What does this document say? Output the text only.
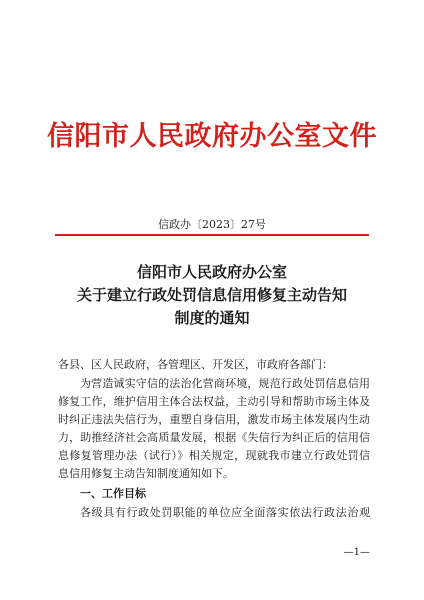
信阳市人民政府办公室文件
信政办〔2023〕27号
信阳市人民政府办公室
关于建立行政处罚信息信用修复主动告知
制度的通知
各县、区人民政府，各管理区、开发区，市政府各部门：
为营造诚实守信的法治化营商环境，规范行政处罚信息信用
修复工作，维护信用主体合法权益，主动引导和帮助市场主体及
时纠正违法失信行为，重塑自身信用，激发市场主体发展内生动
力，助推经济社会高质量发展，根据《失信行为纠正后的信用信
息修复管理办法（试行）》相关规定，现就我市建立行政处罚信
息信用修复主动告知制度通知如下。
一、工作目标
各级具有行政处罚职能的单位应全面落实依法行政法治观
—1—
